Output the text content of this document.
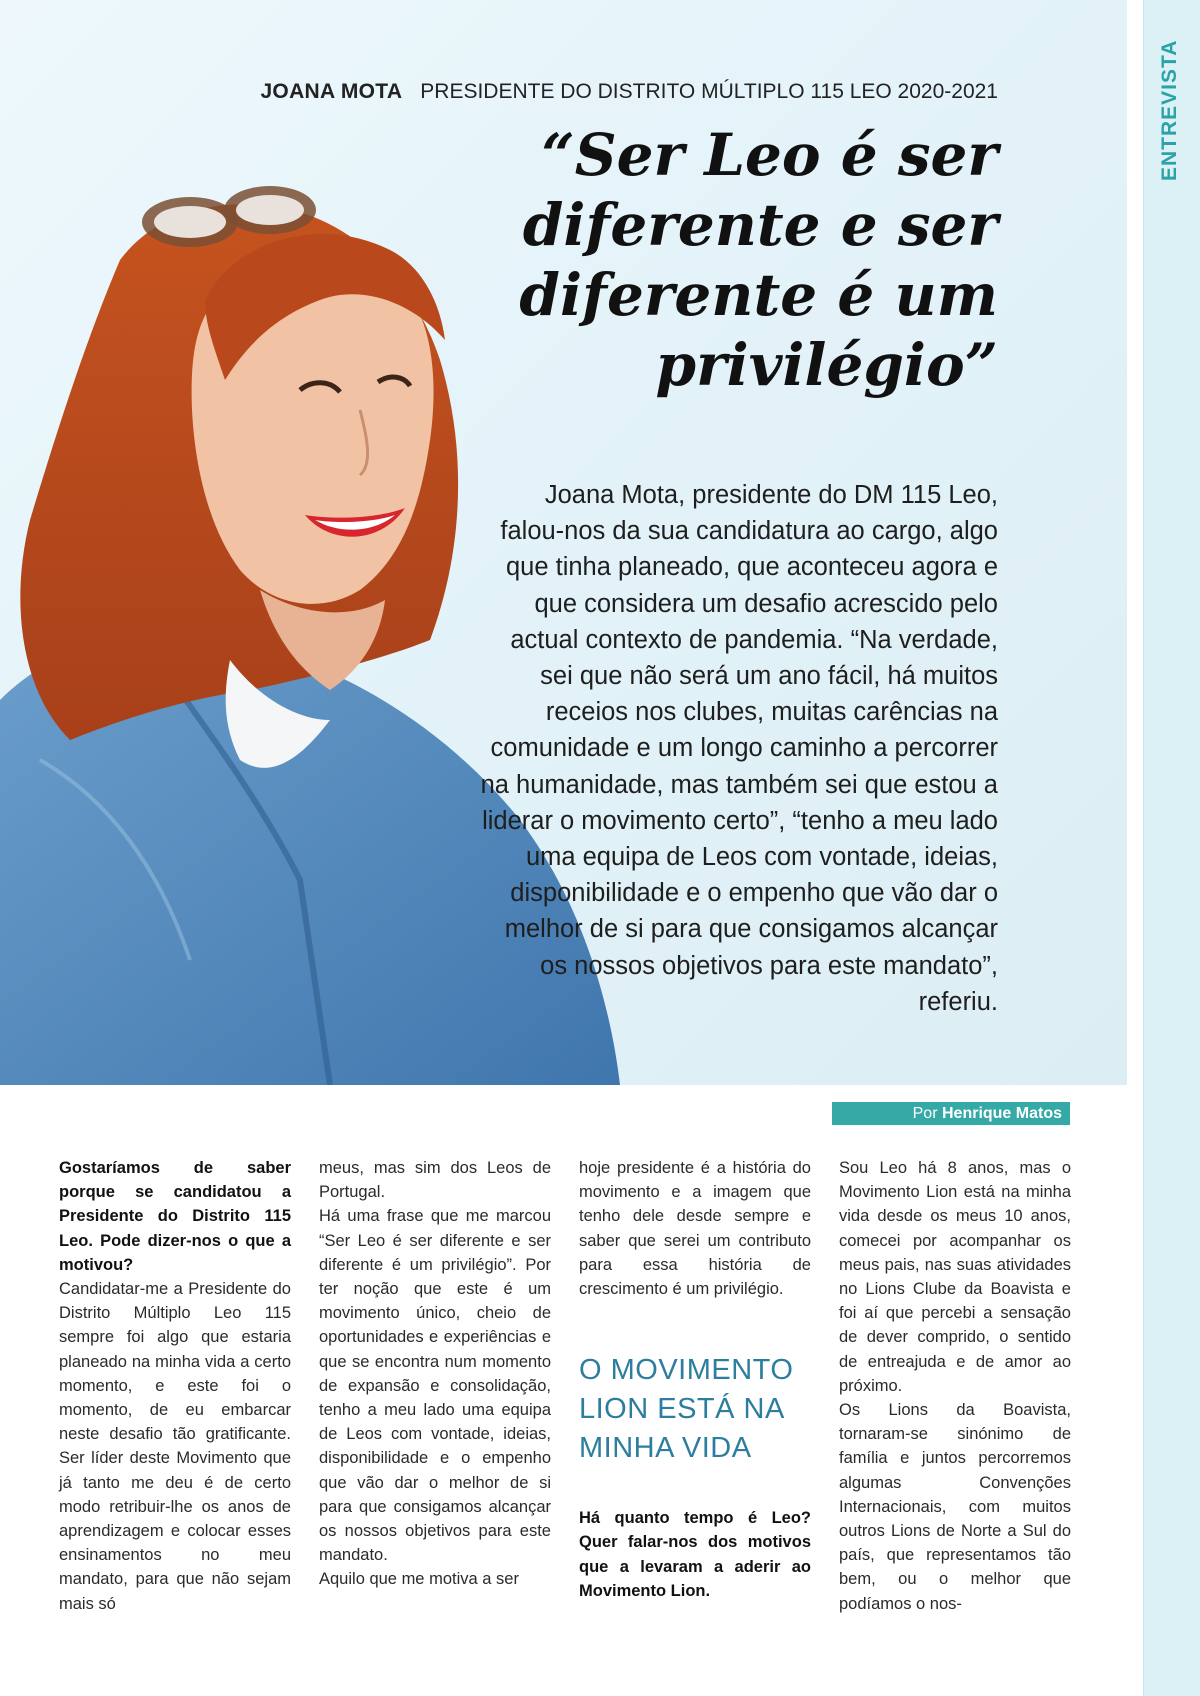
JOANA MOTA PRESIDENTE DO DISTRITO MÚLTIPLO 115 LEO 2020-2021
“Ser Leo é ser diferente e ser diferente é um privilégio”

Joana Mota, presidente do DM 115 Leo, falou-nos da sua candidatura ao cargo, algo que tinha planeado, que aconteceu agora e que considera um desafio acrescido pelo actual contexto de pandemia. “Na verdade, sei que não será um ano fácil, há muitos receios nos clubes, muitas carências na comunidade e um longo caminho a percorrer na humanidade, mas também sei que estou a liderar o movimento certo”, “tenho a meu lado uma equipa de Leos com vontade, ideias, disponibilidade e o empenho que vão dar o melhor de si para que consigamos alcançar os nossos objetivos para este mandato”, referiu.

ENTREVISTA
Por Henrique Matos

Gostaríamos de saber porque se candidatou a Presidente do Distrito 115 Leo. Pode dizer-nos o que a motivou?

Candidatar-me a Presidente do Distrito Múltiplo Leo 115 sempre foi algo que estaria planeado na minha vida a certo momento, e este foi o momento, de eu embarcar neste desafio tão gratificante. Ser líder deste Movimento que já tanto me deu é de certo modo retribuir-lhe os anos de aprendizagem e colocar esses ensinamentos no meu mandato, para que não sejam mais só

meus, mas sim dos Leos de Portugal.

Há uma frase que me marcou “Ser Leo é ser diferente e ser diferente é um privilégio”. Por ter noção que este é um movimento único, cheio de oportunidades e experiências e que se encontra num momento de expansão e consolidação, tenho a meu lado uma equipa de Leos com vontade, ideias, disponibilidade e o empenho que vão dar o melhor de si para que consigamos alcançar os nossos objetivos para este mandato.

Aquilo que me motiva a ser

hoje presidente é a história do movimento e a imagem que tenho dele desde sempre e saber que serei um contributo para essa história de crescimento é um privilégio.

O MOVIMENTO LION ESTÁ NA MINHA VIDA

Há quanto tempo é Leo? Quer falar-nos dos motivos que a levaram a aderir ao Movimento Lion.

Sou Leo há 8 anos, mas o Movimento Lion está na minha vida desde os meus 10 anos, comecei por acompanhar os meus pais, nas suas atividades no Lions Clube da Boavista e foi aí que percebi a sensação de dever comprido, o sentido de entreajuda e de amor ao próximo.

Os Lions da Boavista, tornaram-se sinónimo de família e juntos percorremos algumas Convenções Internacionais, com muitos outros Lions de Norte a Sul do país, que representamos tão bem, ou o melhor que podíamos o nos-
